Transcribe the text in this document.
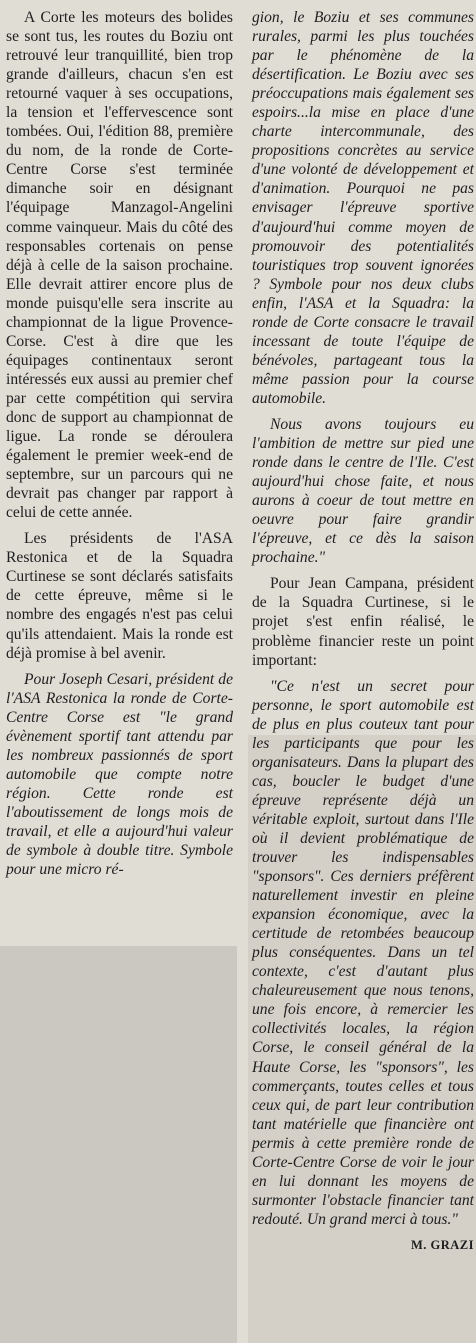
A Corte les moteurs des bolides se sont tus, les routes du Boziu ont retrouvé leur tranquillité, bien trop grande d'ailleurs, chacun s'en est retourné vaquer à ses occupations, la tension et l'effervescence sont tombées. Oui, l'édition 88, première du nom, de la ronde de Corte-Centre Corse s'est terminée dimanche soir en désignant l'équipage Manzagol-Angelini comme vainqueur. Mais du côté des responsables cortenais on pense déjà à celle de la saison prochaine. Elle devrait attirer encore plus de monde puisqu'elle sera inscrite au championnat de la ligue Provence-Corse. C'est à dire que les équipages continentaux seront intéressés eux aussi au premier chef par cette compétition qui servira donc de support au championnat de ligue. La ronde se déroulera également le premier week-end de septembre, sur un parcours qui ne devrait pas changer par rapport à celui de cette année.

Les présidents de l'ASA Restonica et de la Squadra Curtinese se sont déclarés satisfaits de cette épreuve, même si le nombre des engagés n'est pas celui qu'ils attendaient. Mais la ronde est déjà promise à bel avenir.

Pour Joseph Cesari, président de l'ASA Restonica la ronde de Corte-Centre Corse est "le grand évènement sportif tant attendu par les nombreux passionnés de sport automobile que compte notre région. Cette ronde est l'aboutissement de longs mois de travail, et elle a aujourd'hui valeur de symbole à double titre. Symbole pour une micro ré-

gion, le Boziu et ses communes rurales, parmi les plus touchées par le phénomène de la désertification. Le Boziu avec ses préoccupations mais également ses espoirs...la mise en place d'une charte intercommunale, des propositions concrètes au service d'une volonté de développement et d'animation. Pourquoi ne pas envisager l'épreuve sportive d'aujourd'hui comme moyen de promouvoir des potentialités touristiques trop souvent ignorées ? Symbole pour nos deux clubs enfin, l'ASA et la Squadra: la ronde de Corte consacre le travail incessant de toute l'équipe de bénévoles, partageant tous la même passion pour la course automobile.

Nous avons toujours eu l'ambition de mettre sur pied une ronde dans le centre de l'Ile. C'est aujourd'hui chose faite, et nous aurons à coeur de tout mettre en oeuvre pour faire grandir l'épreuve, et ce dès la saison prochaine."

Pour Jean Campana, président de la Squadra Curtinese, si le projet s'est enfin réalisé, le problème financier reste un point important:

"Ce n'est un secret pour personne, le sport automobile est de plus en plus couteux tant pour les participants que pour les organisateurs. Dans la plupart des cas, boucler le budget d'une épreuve représente déjà un véritable exploit, surtout dans l'Ile où il devient problématique de trouver les indispensables "sponsors". Ces derniers préfèrent naturellement investir en pleine expansion économique, avec la certitude de retombées beaucoup plus conséquentes. Dans un tel contexte, c'est d'autant plus chaleureusement que nous tenons, une fois encore, à remercier les collectivités locales, la région Corse, le conseil général de la Haute Corse, les "sponsors", les commerçants, toutes celles et tous ceux qui, de part leur contribution tant matérielle que financière ont permis à cette première ronde de Corte-Centre Corse de voir le jour en lui donnant les moyens de surmonter l'obstacle financier tant redouté. Un grand merci à tous."

M. GRAZI
